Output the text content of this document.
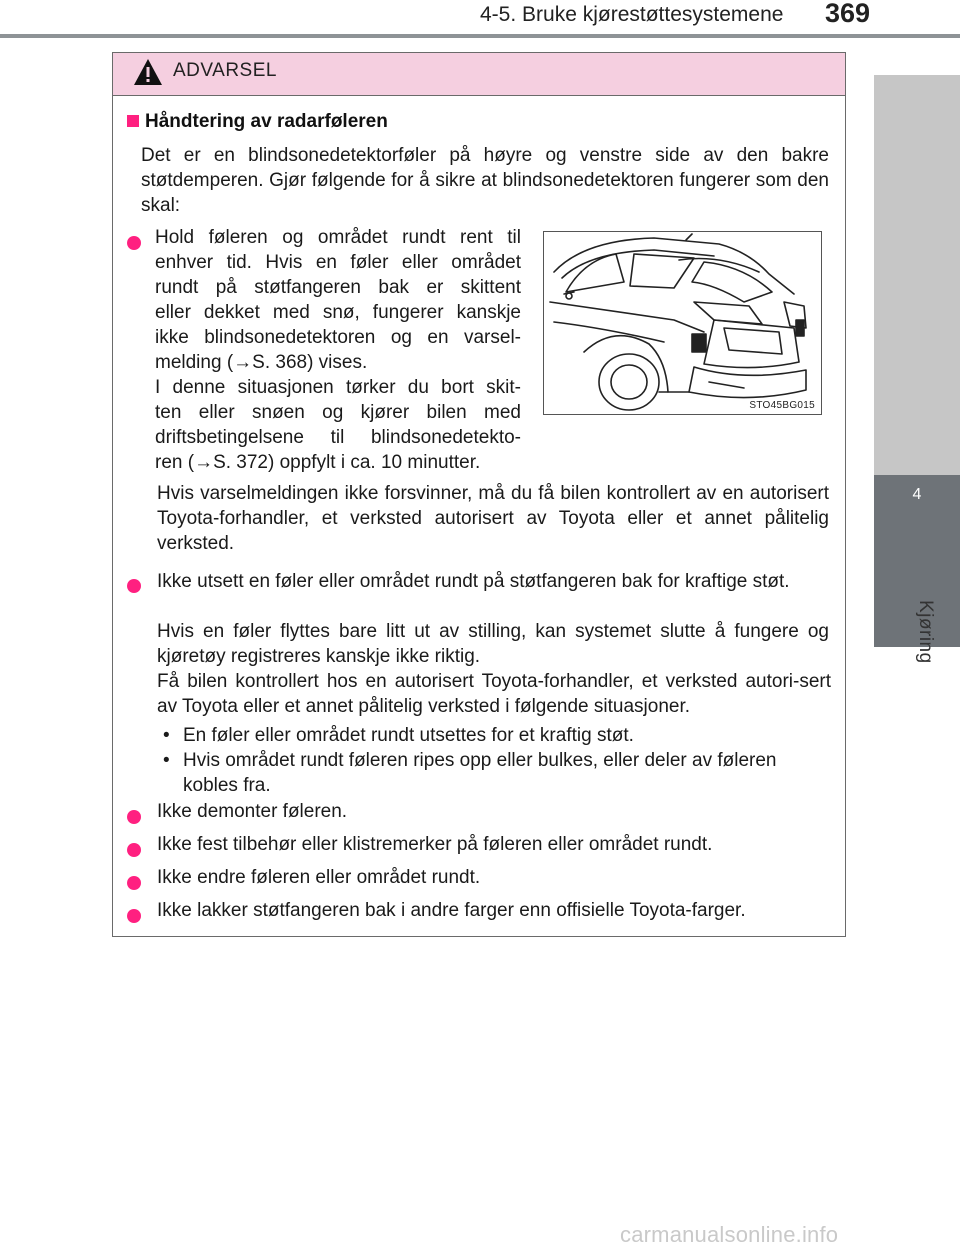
4-5. Bruke kjørestøttesystemene	369
4
Kjøring
ADVARSEL
Håndtering av radarføleren
Det er en blindsonedetektorføler på høyre og venstre side av den bakre støtdemperen. Gjør følgende for å sikre at blindsonedetektoren fungerer som den skal:
Hold føleren og området rundt rent til
enhver tid. Hvis en føler eller området
rundt på støtfangeren bak er skittent
eller dekket med snø, fungerer kanskje
ikke blindsonedetektoren og en varsel-
melding (→S. 368) vises.
I denne situasjonen tørker du bort skit-
ten eller snøen og kjører bilen med
driftsbetingelsene til blindsonedetekto-
ren (→S. 372) oppfylt i ca. 10 minutter.
STO45BG015
Hvis varselmeldingen ikke forsvinner, må du få bilen kontrollert av en autorisert Toyota-forhandler, et verksted autorisert av Toyota eller et annet pålitelig verksted.
Ikke utsett en føler eller området rundt på støtfangeren bak for kraftige støt.
Hvis en føler flyttes bare litt ut av stilling, kan systemet slutte å fungere og kjøretøy registreres kanskje ikke riktig.
Få bilen kontrollert hos en autorisert Toyota-forhandler, et verksted autori-sert av Toyota eller et annet pålitelig verksted i følgende situasjoner.
• En føler eller området rundt utsettes for et kraftig støt.
• Hvis området rundt føleren ripes opp eller bulkes, eller deler av føleren
kobles fra.
Ikke demonter føleren.
Ikke fest tilbehør eller klistremerker på føleren eller området rundt.
Ikke endre føleren eller området rundt.
Ikke lakker støtfangeren bak i andre farger enn offisielle Toyota-farger.
carmanualsonline.info
